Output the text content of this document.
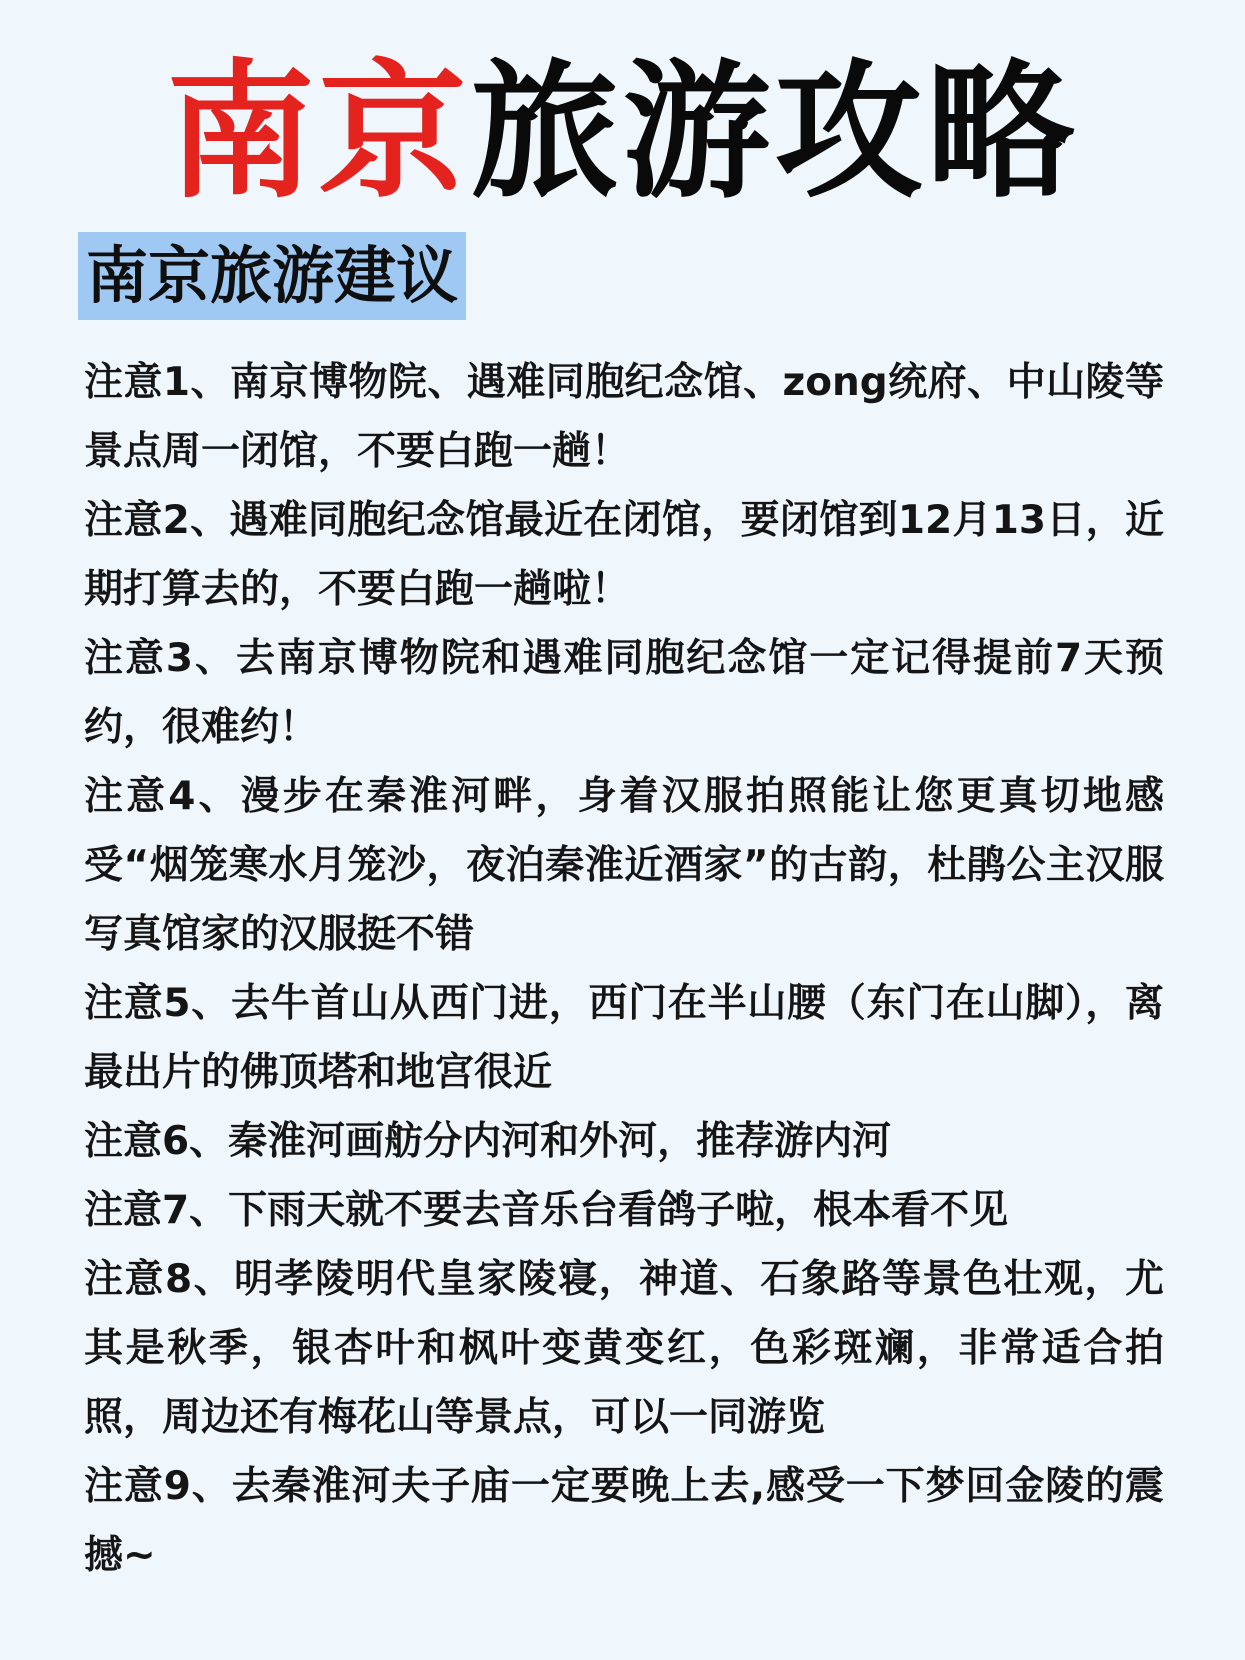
南京旅游攻略
南京旅游建议

注意1、南京博物院、遇难同胞纪念馆、zong统府、中山陵等景点周一闭馆，不要白跑一趟！

注意2、遇难同胞纪念馆最近在闭馆，要闭馆到12月13日，近期打算去的，不要白跑一趟啦！

注意3、去南京博物院和遇难同胞纪念馆一定记得提前7天预约，很难约！

注意4、漫步在秦淮河畔，身着汉服拍照能让您更真切地感受“烟笼寒水月笼沙，夜泊秦淮近酒家”的古韵，杜鹃公主汉服写真馆家的汉服挺不错

注意5、去牛首山从西门进，西门在半山腰（东门在山脚），离最出片的佛顶塔和地宫很近

注意6、秦淮河画舫分内河和外河，推荐游内河

注意7、下雨天就不要去音乐台看鸽子啦，根本看不见

注意8、明孝陵明代皇家陵寝，神道、石象路等景色壮观，尤其是秋季，银杏叶和枫叶变黄变红，色彩斑斓，非常适合拍照，周边还有梅花山等景点，可以一同游览

注意9、去秦淮河夫子庙一定要晚上去,感受一下梦回金陵的震撼~
